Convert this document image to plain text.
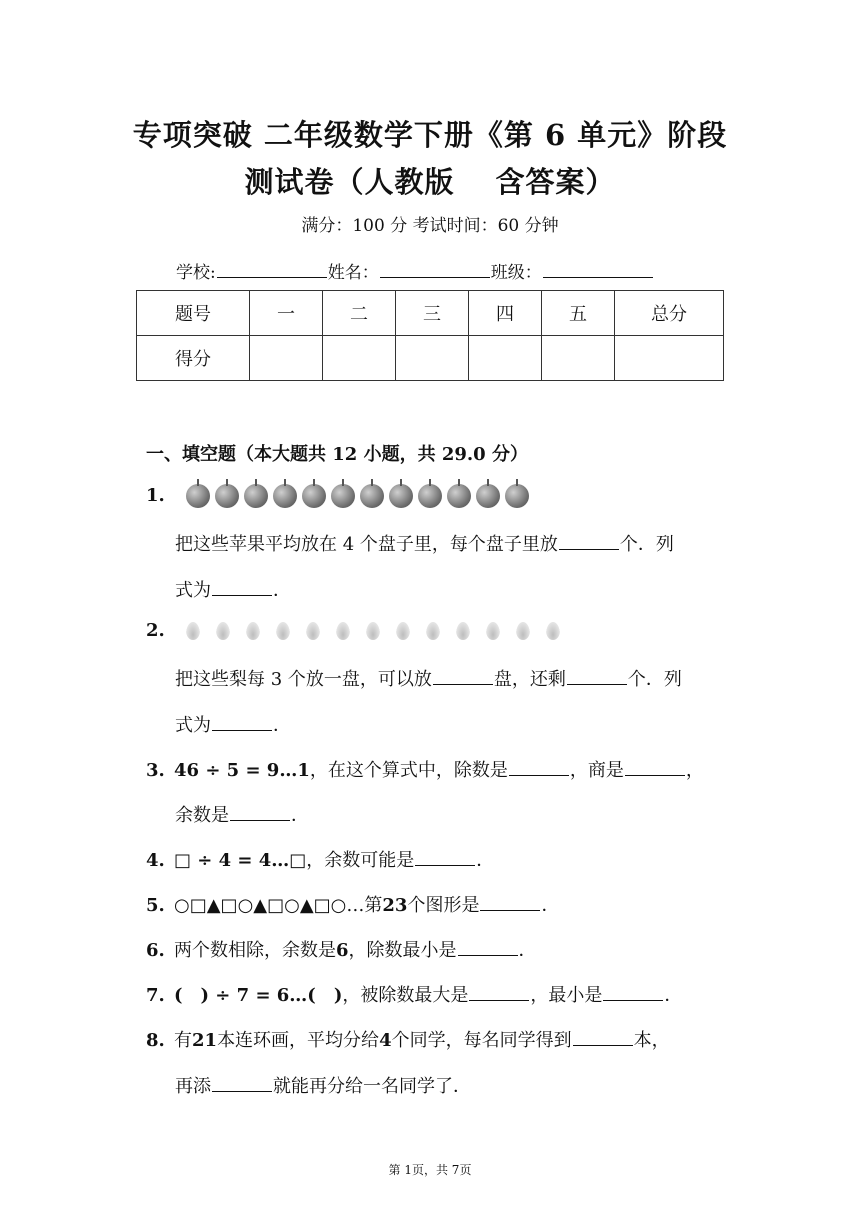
专项突破 二年级数学下册《第 6 单元》阶段
测试卷（人教版　 含答案）
满分：100 分 考试时间：60 分钟
学校:	姓名：	班级：
题号	一	二	三	四	五	总分
得分						
一、填空题（本大题共 12 小题，共 29.0 分）
1.
把这些苹果平均放在 4 个盘子里，每个盘子里放	个．列
式为	．
2.
把这些梨每 3 个放一盘，可以放	盘，还剩	个．列
式为	．
3. 46 ÷ 5 = 9…1，在这个算式中，除数是	，商是	，
余数是	．
4. □ ÷ 4 = 4…□，余数可能是	．
5. ○□▲□○▲□○▲□○…第23个图形是	．
6. 两个数相除，余数是6，除数最小是	．
7. (　) ÷ 7 = 6…(　)，被除数最大是	，最小是	．
8. 有21本连环画，平均分给4个同学，每名同学得到	本，
再添	就能再分给一名同学了．
第 1页，共 7页
